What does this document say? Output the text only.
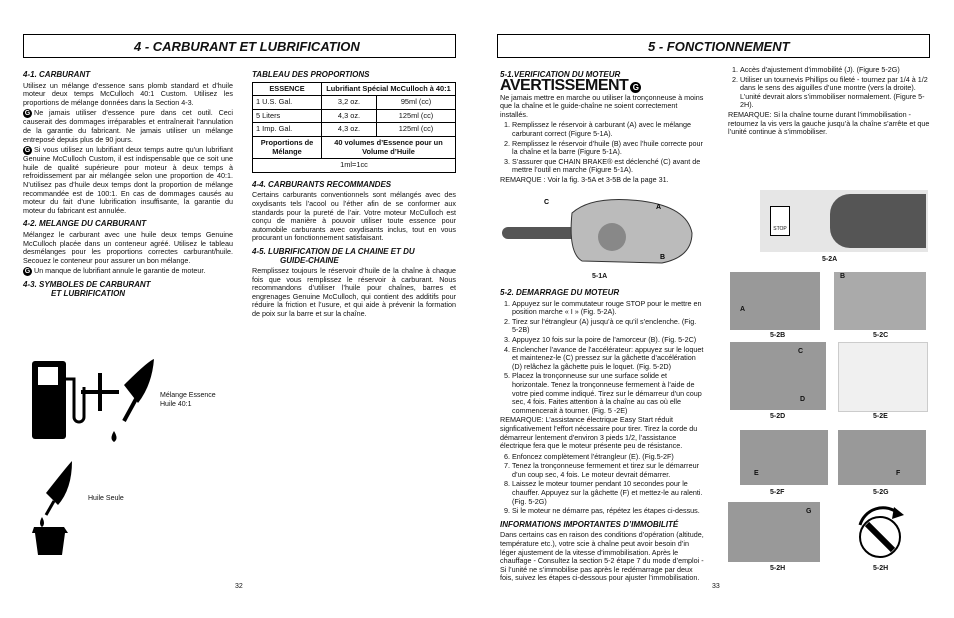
4 - CARBURANT ET LUBRIFICATION
4-1. CARBURANT

Utilisez un mélange d’essence sans plomb standard et d’huile moteur deux temps McCulloch 40:1 Custom. Utilisez les proportions de mélange données dans la Section 4-3.

G Ne jamais utiliser d’essence pure dans cet outil. Ceci causerait des dommages irréparables et entraînerait l’annulation de la garantie du fabricant. Ne jamais utiliser un mélange entreposé depuis plus de 90 jours.

G Si vous utilisez un lubrifiant deux temps autre qu’un lubrifiant Genuine McCulloch Custom, il est indispensable que ce soit une huile de qualité supérieure pour moteur à deux temps à refroidissement par air mélangée selon une proportion de 40:1. N’utilisez pas d’huile deux temps dont la proportion de mélange recommandée est de 100:1. En cas de dommages causés au moteur du fait d’une lubrification insuffisante, la garantie du moteur du fabricant est annulée.

4-2. MELANGE DU CARBURANT

Mélangez le carburant avec une huile deux temps Genuine McCulloch placée dans un conteneur agréé. Utilisez le tableau desmélanges pour les proportions correctes carburant/huile. Secouez le conteneur pour assurer un bon mélange.

G Un manque de lubrifiant annule le garantie de moteur.

4-3. SYMBOLES DE CARBURANT
ET LUBRIFICATION
Mélange Essence
Huile 40:1
Huile Seule
TABLEAU DES PROPORTIONS
ESSENCE	Lubrifiant Spécial McCulloch à 40:1	
1 U.S. Gal.	3,2 oz.	95ml (cc)
5 Liters	4,3 oz.	125ml (cc)
1 Imp. Gal.	4,3 oz.	125ml (cc)
Proportions de Mélange	40 volumes d’Essence pour un Volume d’Huile	
1ml=1cc		
4-4. CARBURANTS RECOMMANDES

Certains carburants conventionnels sont mélangés avec des oxydisants tels l’acool ou l’éther afin de se conformer aux standards pour la pureté de l’air. Votre moteur McCulloch est conçu de manière à pouvoir utiliser toute essence pour automobile carburants avec oxydisants inclus, tout en vous procurant un fonctionnement satisfaisant.

4-5. LUBRIFICATION DE LA CHAINE ET DU
GUIDE-CHAINE

Remplissez toujours le réservoir d’huile de la chaîne à chaque fois que vous remplissez le réservoir à carburant. Nous recommandons d’utiliser l’huile pour chaînes, barres et engrenages Genuine McCulloch, qui contient des additifs pour réduire la friction et l’usure, et qui aide à prévenir la formation de poix sur la barre et sur la chaîne.

32
5 - FONCTIONNEMENT
5-1.VERIFICATION DU MOTEUR
AVERTISSEMENT G

Ne jamais mettre en marche ou utiliser la tronçonneuse à moins que la chaîne et le guide-chaîne ne soient correctement installés.

1. Remplissez le réservoir à carburant (A) avec le mélange carburant correct (Figure 5-1A).
2. Remplissez le réservoir d’huile (B) avec l’huile correcte pour la chaîne et la barre (Figure 5-1A).
3. S’assurer que CHAIN BRAKE® est déclenché (C) avant de mettre l’outil en marche (Figure 5-1A).

REMARQUE : Voir la fig. 3-5A et 3-5B de la page 31.

C
A
B
5-1A
5-2. DEMARRAGE DU MOTEUR
1. Appuyez sur le commutateur rouge STOP pour le mettre en position marche « I » (Fig. 5-2A).
2. Tirez sur l’étrangleur (A) jusqu’à ce qu’il s’enclenche. (Fig. 5-2B)
3. Appuyez 10 fois sur la poire de l’amorceur (B). (Fig. 5-2C)
4. Enclencher l’avance de l’accélérateur: appuyez sur le loquet et maintenez-le (C) pressez sur la gâchette d’accélération (D) relâchez la gâchette puis le loquet. (Fig. 5-2D)
5. Placez la tronçonneuse sur une surface solide et horizontale. Tenez la tronçonneuse fermement à l’aide de votre pied comme indiqué. Tirez sur le démarreur d’un coup sec, 4 fois. Faites attention à la chaîne au cas où elle commencerait à tourner. (Fig. 5 -2E)

REMARQUE: L’assistance électrique Easy Start réduit signficativement l’effort nécessaire pour tirer. Tirez la corde du démarreur lentement d’environ 3 pieds 1/2, l’assistance électrique fera que le moteur présente peu de résistance.

6. Enfoncez complètement l’étrangleur (E). (Fig.5-2F)
7. Tenez la tronçonneuse fermement et tirez sur le démarreur d’un coup sec, 4 fois. Le moteur devrait démarrer.
8. Laissez le moteur tourner pendant 10 secondes pour le chauffer. Appuyez sur la gâchette (F) et mettez-le au ralenti. (Fig. 5-2G)
9. Si le moteur ne démarre pas, répétez les étapes ci-dessus.
INFORMATIONS IMPORTANTES D’IMMOBILITÉ

Dans certains cas en raison des conditions d’opération (altitude, température etc.), votre scie à chaîne peut avoir besoin d’in léger ajustement de la vitesse d’immobilisation. Après le chauffage - Consultez la section 5-2 étape 7 du mode d’emploi - Si l’unité ne s’immobilise pas après le redémarrage par deux fois, suivez les étapes ci-dessous pour ajuster l’immobilisation.

1. Accès d’ajustement d’immobilité (J). (Figure 5-2G)
2. Utiliser un tournevis Phillips ou fileté - tournez par 1/4 à 1/2 dans le sens des aiguilles d’une montre (vers la droite). L’unité devrait alors s’immobiliser normalement. (Figure 5-2H).

REMARQUE: Si la chaîne tourne durant l’immobilisation - retournez la vis vers la gauche jusqu’à la chaîne s’arrête et que l’unité continue à s’immobiliser.

STOP
5-2A
A
5-2B
B
5-2C
C
D
5-2D	5-2E
E
5-2F
F
5-2G
G
5-2H	5-2H
33
